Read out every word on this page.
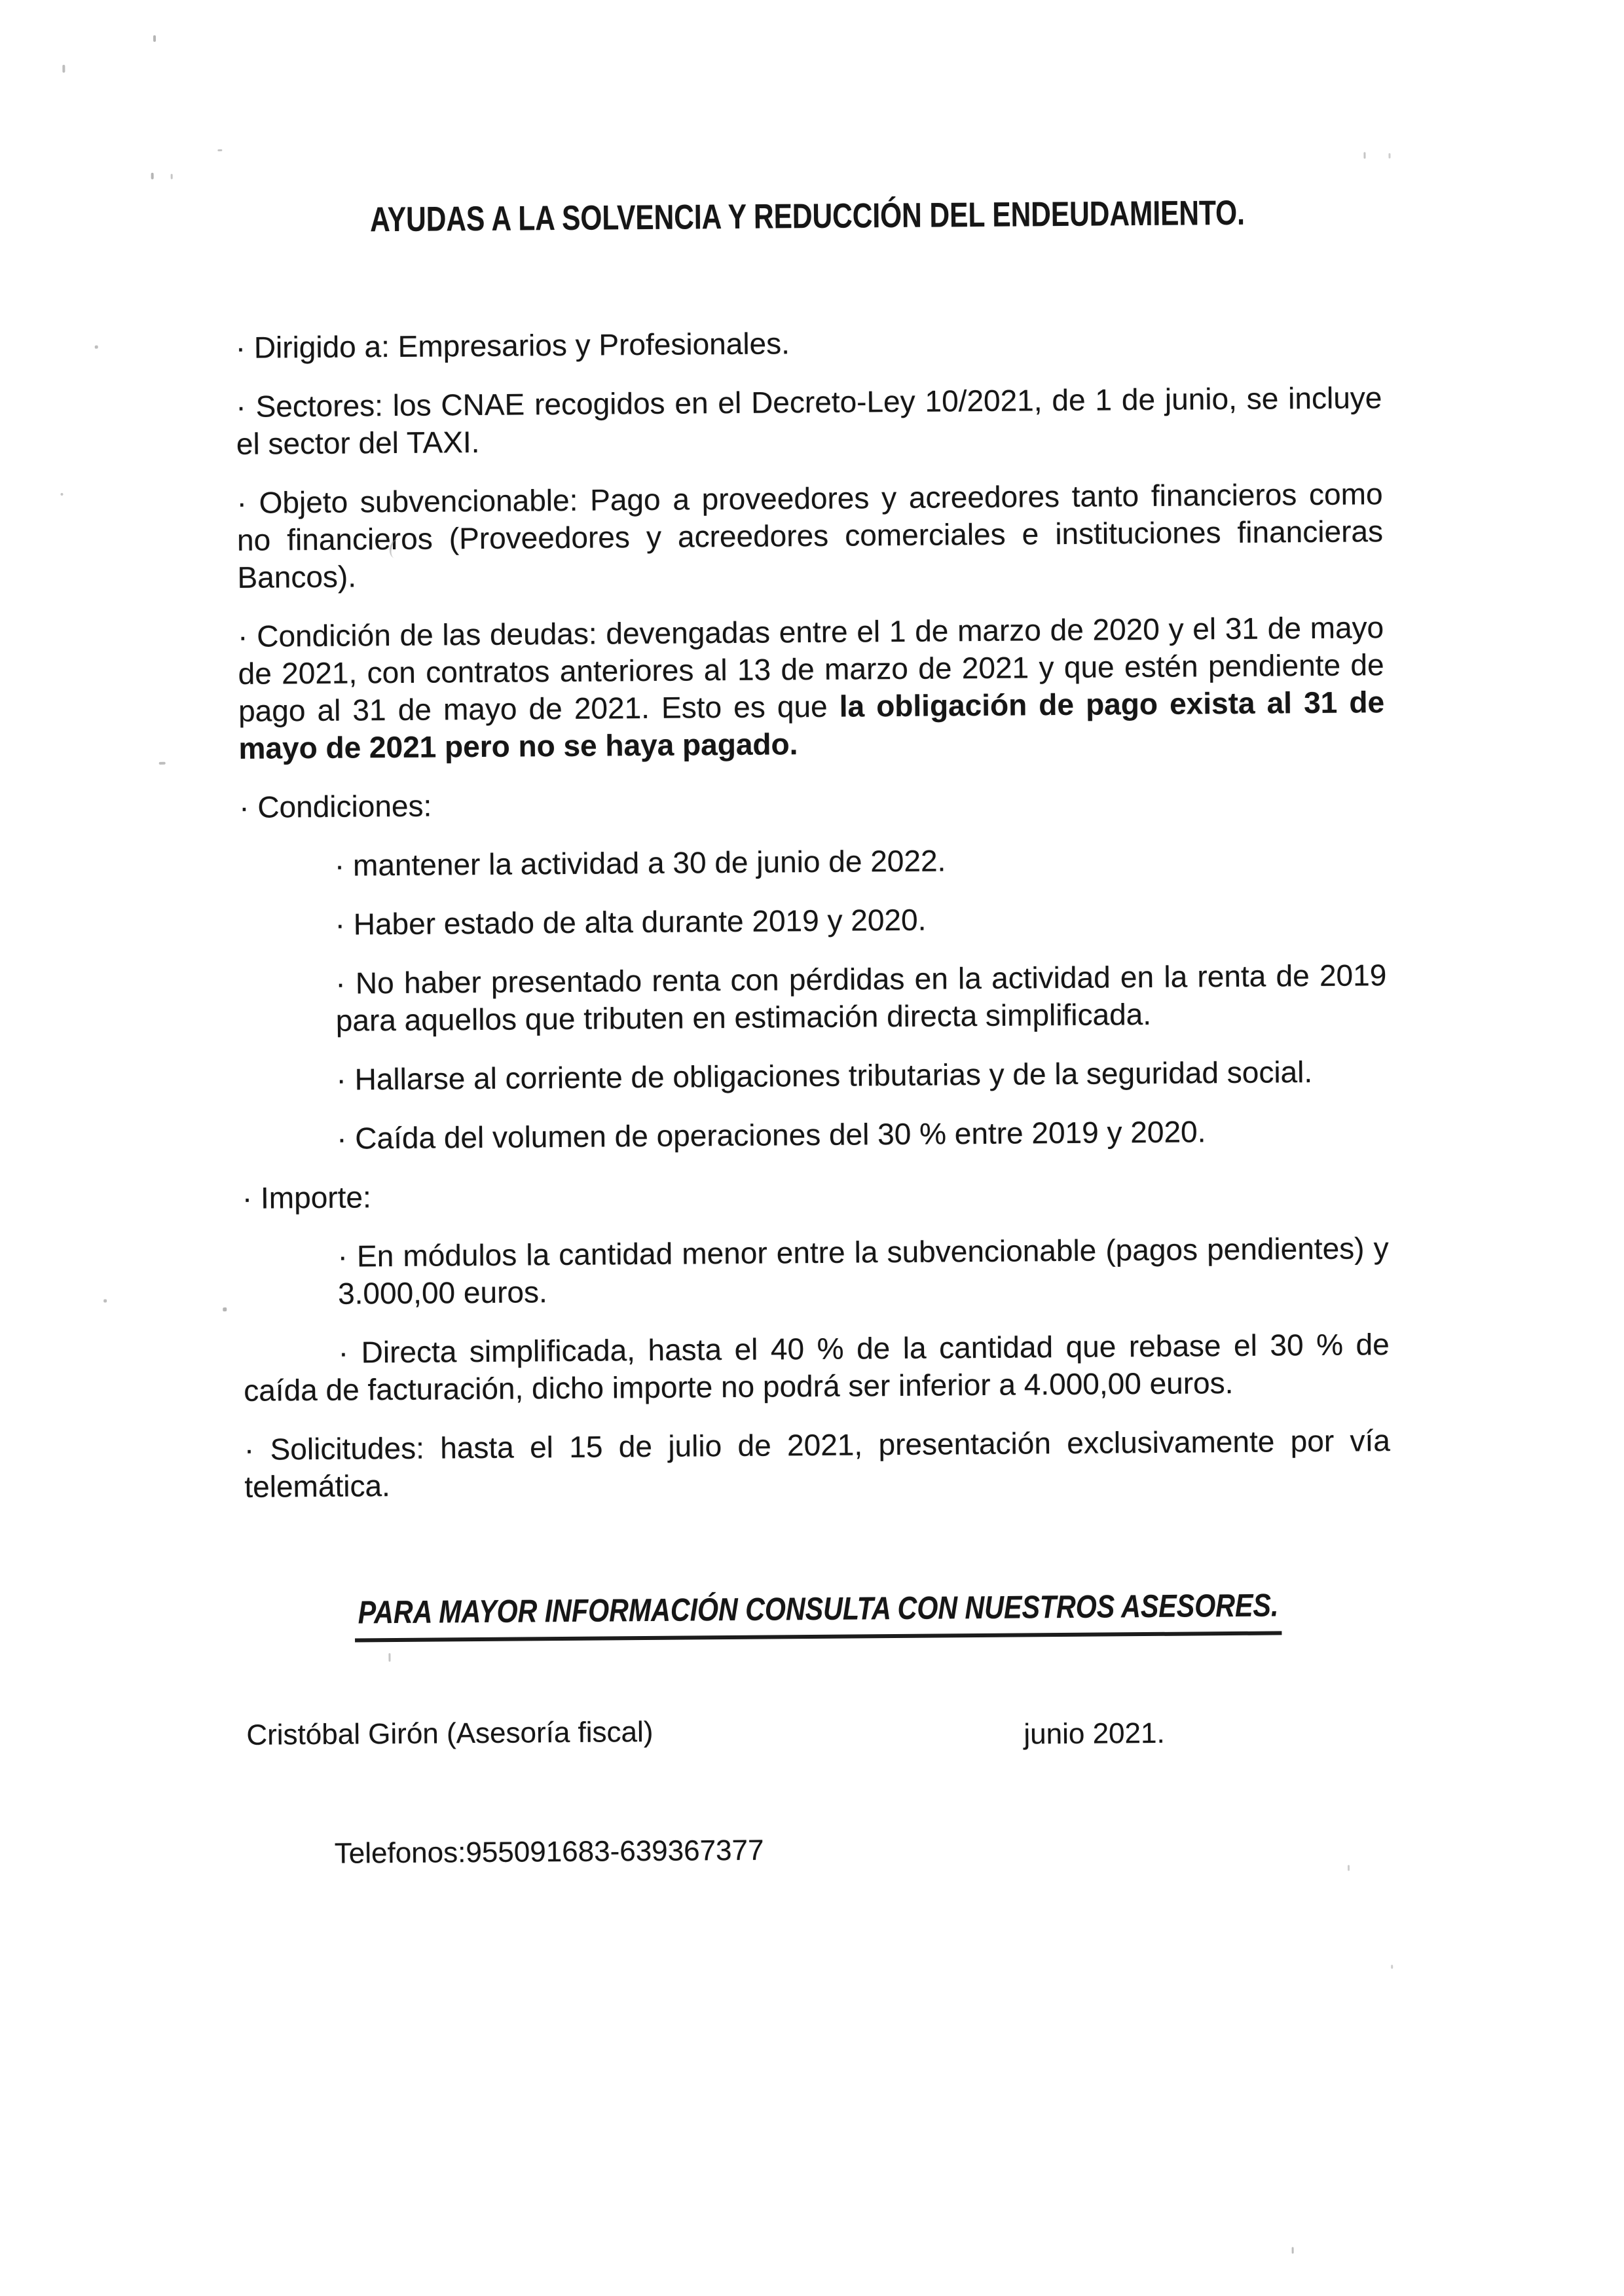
AYUDAS A LA SOLVENCIA Y REDUCCIÓN DEL ENDEUDAMIENTO.

· Dirigido a: Empresarios y Profesionales.

· Sectores: los CNAE recogidos en el Decreto-Ley 10/2021, de 1 de junio, se incluye el sector del TAXI.

· Objeto subvencionable: Pago a proveedores y acreedores tanto financieros como no financieros (Proveedores y acreedores comerciales e instituciones financieras Bancos).

· Condición de las deudas: devengadas entre el 1 de marzo de 2020 y el 31 de mayo de 2021, con contratos anteriores al 13 de marzo de 2021 y que estén pendiente de pago al 31 de mayo de 2021. Esto es que la obligación de pago exista al 31 de mayo de 2021 pero no se haya pagado.

· Condiciones:

· mantener la actividad a 30 de junio de 2022.

· Haber estado de alta durante 2019 y 2020.

· No haber presentado renta con pérdidas en la actividad en la renta de 2019 para aquellos que tributen en estimación directa simplificada.

· Hallarse al corriente de obligaciones tributarias y de la seguridad social.

· Caída del volumen de operaciones del 30 % entre 2019 y 2020.

· Importe:

· En módulos la cantidad menor entre la subvencionable (pagos pendientes) y 3.000,00 euros.

· Directa simplificada, hasta el 40 % de la cantidad que rebase el 30 % de caída de facturación, dicho importe no podrá ser inferior a 4.000,00 euros.

· Solicitudes: hasta el 15 de julio de 2021, presentación exclusivamente por vía telemática.

PARA MAYOR INFORMACIÓN CONSULTA CON NUESTROS ASESORES.
Cristóbal Girón (Asesoría fiscal)	junio 2021.

Telefonos:955091683-639367377
